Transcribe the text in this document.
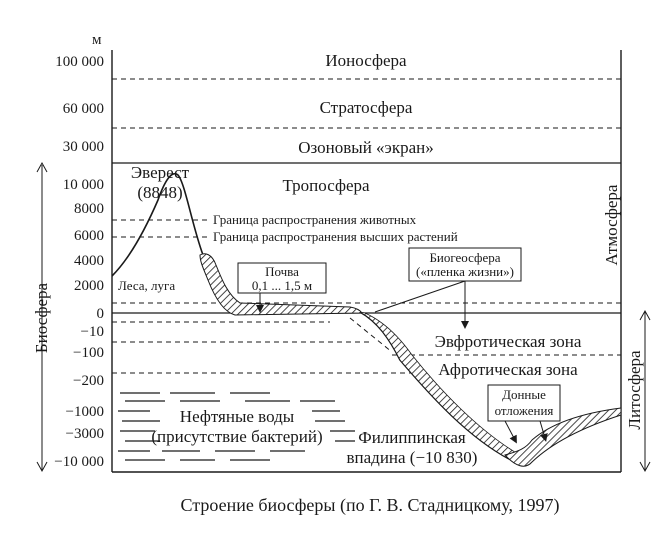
м
100 000
60 000
30 000
10 000
8000
6000
4000
2000
0
−10
−100
−200
−1000
−3000
−10 000
Ионосфера
Стратосфера
Озоновый «экран»
Тропосфера
Эверест
(8848)
Граница распространения животных
Граница распространения высших растений
Леса, луга
Почва
0,1 ... 1,5 м
Биогеосфера
(«пленка жизни»)
Эвфротическая зона
Афротическая зона
Нефтяные воды
(присутствие бактерий) Филиппинская
впадина (−10 830)
Донные
отложения
Биосфера
Атмосфера
Литосфера
Строение биосферы (по Г. В. Стадницкому, 1997)
